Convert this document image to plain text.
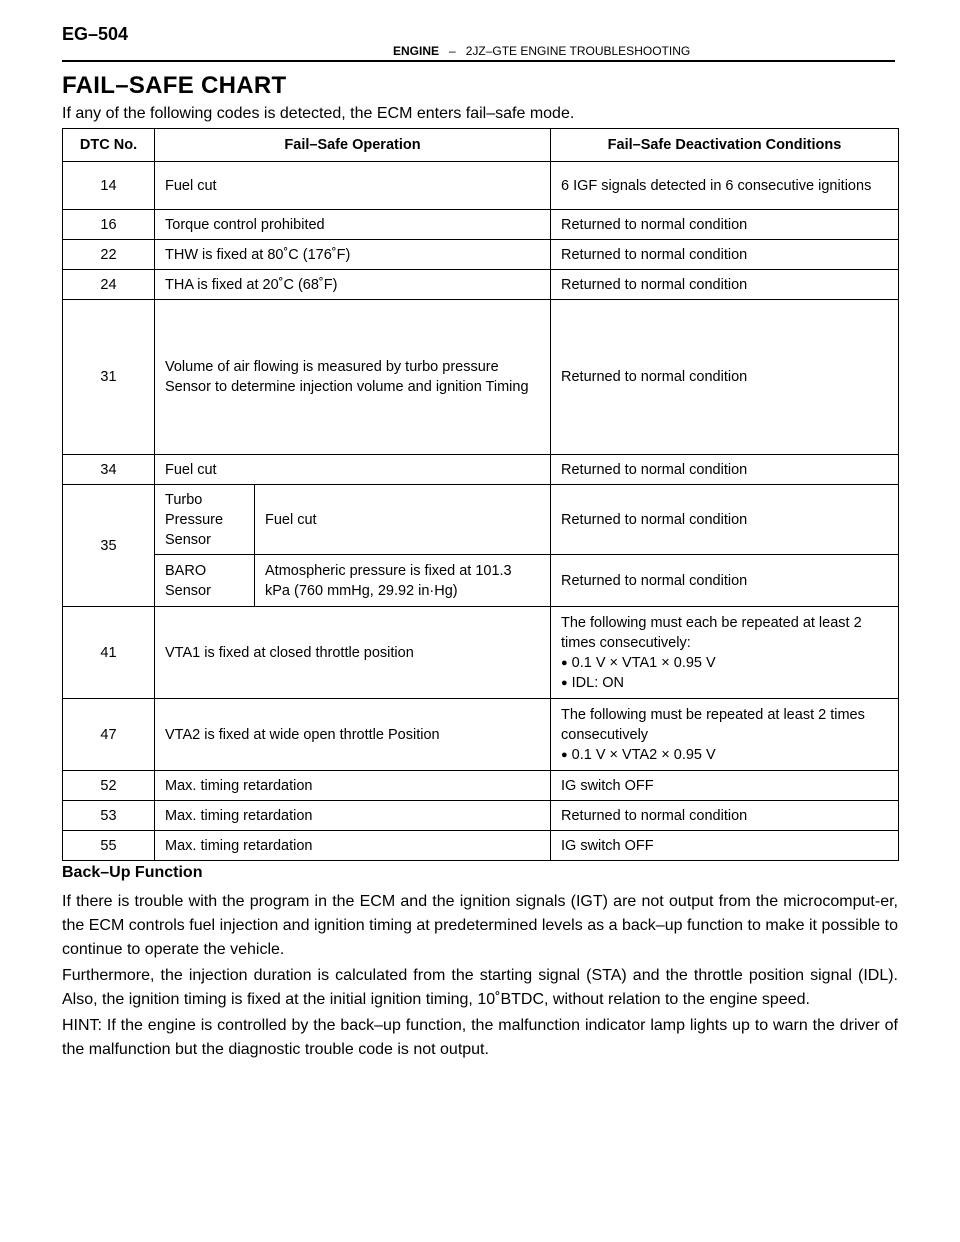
EG–504
ENGINE – 2JZ–GTE ENGINE TROUBLESHOOTING
FAIL–SAFE CHART
If any of the following codes is detected, the ECM enters fail–safe mode.
DTC No.	Fail–Safe Operation		Fail–Safe Deactivation Conditions
14	Fuel cut		6 IGF signals detected in 6 consecutive ignitions
16	Torque control prohibited		Returned to normal condition
22	THW is fixed at 80˚C (176˚F)		Returned to normal condition
24	THA is fixed at 20˚C (68˚F)		Returned to normal condition
31	Volume of air flowing is measured by turbo pressure Sensor to determine injection volume and ignition Timing		Returned to normal condition
34	Fuel cut		Returned to normal condition
35	Turbo Pressure Sensor	Fuel cut	Returned to normal condition
	BARO Sensor	Atmospheric pressure is fixed at 101.3 kPa (760 mmHg, 29.92 in·Hg)	Returned to normal condition
41	VTA1 is fixed at closed throttle position		The following must each be repeated at least 2 times consecutively:
● 0.1 V × VTA1 × 0.95 V
● IDL: ON

47	VTA2 is fixed at wide open throttle Position		The following must be repeated at least 2 times consecutively
● 0.1 V × VTA2 × 0.95 V

52	Max. timing retardation		IG switch OFF
53	Max. timing retardation		Returned to normal condition
55	Max. timing retardation		IG switch OFF
Back–Up Function
If there is trouble with the program in the ECM and the ignition signals (IGT) are not output from the microcomput-er, the ECM controls fuel injection and ignition timing at predetermined levels as a back–up function to make it possible to continue to operate the vehicle.
Furthermore, the injection duration is calculated from the starting signal (STA) and the throttle position signal (IDL). Also, the ignition timing is fixed at the initial ignition timing, 10˚BTDC, without relation to the engine speed.
HINT: If the engine is controlled by the back–up function, the malfunction indicator lamp lights up to warn the driver of the malfunction but the diagnostic trouble code is not output.
